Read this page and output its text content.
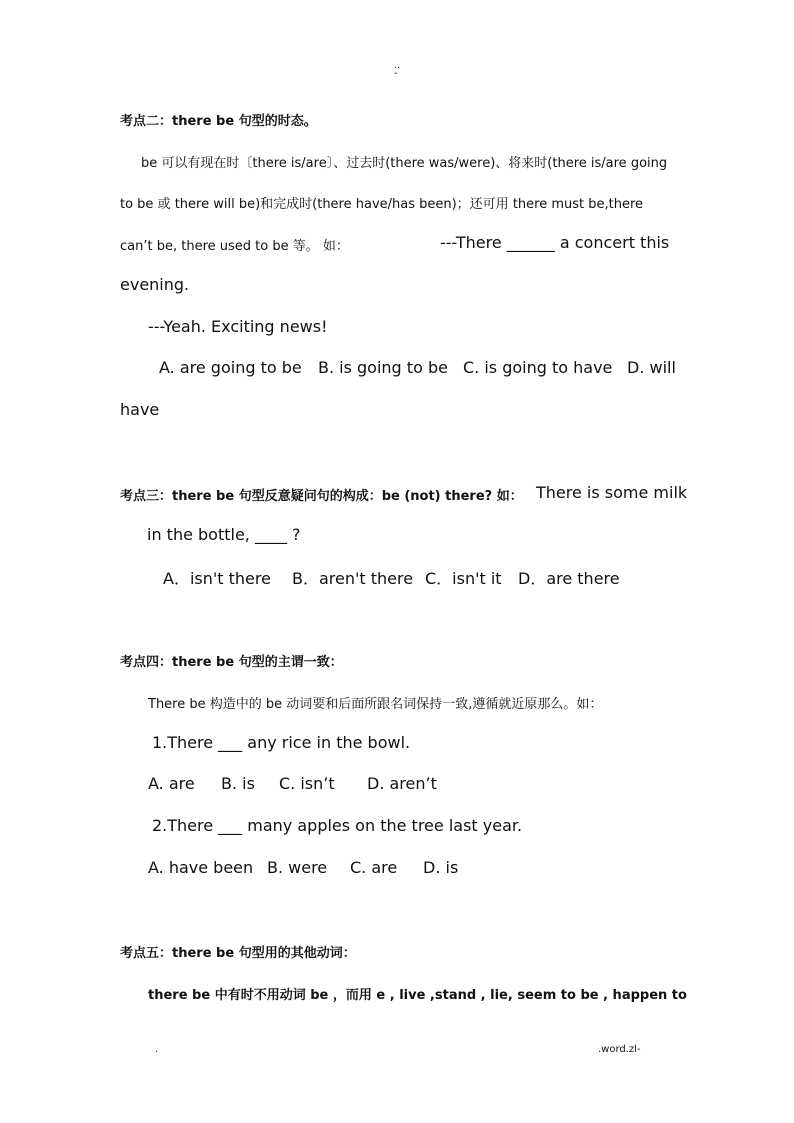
..
-
考点二：there be 句型的时态。
be 可以有现在时〔there is/are〕、过去时(there was/were)、将来时(there is/are going
to be 或 there will be)和完成时(there have/has been)；还可用 there must be,there
can’t be, there used to be 等。 如：	---There ______ a concert this
evening.
---Yeah. Exciting news!
A. are going to be B. is going to be C. is going to have D. will
have
考点三：there be 句型反意疑问句的构成：be (not) there? 如： There is some milk
in the bottle, ____ ?
A．isn't there B．aren't there C．isn't it D．are there
考点四：there be 句型的主谓一致：
There be 构造中的 be 动词要和后面所跟名词保持一致,遵循就近原那么。如：
1.There ___ any rice in the bowl.
A. are B. is C. isn’t D. aren’t
2.There ___ many apples on the tree last year.
A. have been B. were C. are D. is
考点五：there be 句型用的其他动词：
there be 中有时不用动词 be ，而用 e , live ,stand , lie, seem to be , happen to
.	.word.zl-
